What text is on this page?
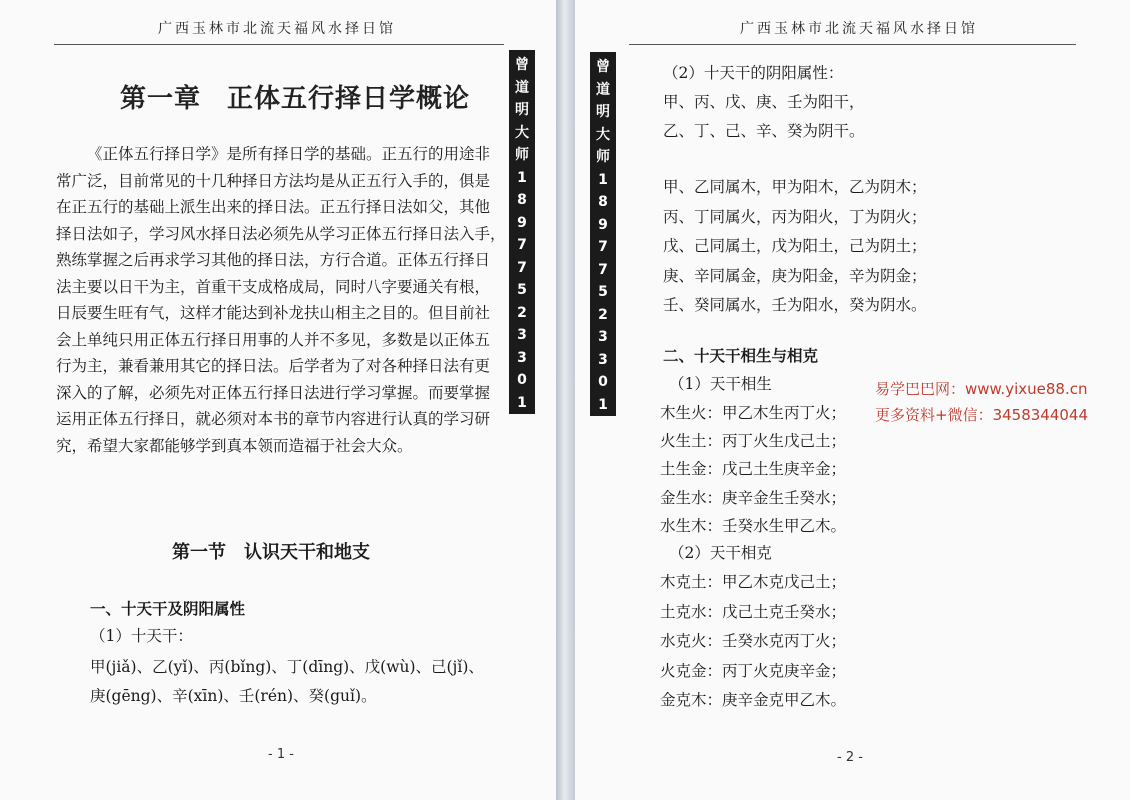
广西玉林市北流天福风水择日馆
曾
道
明
大
师
1
8
9
7
7
5
2
3
3
0
1

第一章 正体五行择日学概论
《正体五行择日学》是所有择日学的基础。正五行的用途非
常广泛，目前常见的十几种择日方法均是从正五行入手的，俱是
在正五行的基础上派生出来的择日法。正五行择日法如父，其他
择日法如子，学习风水择日法必须先从学习正体五行择日法入手，
熟练掌握之后再求学习其他的择日法，方行合道。正体五行择日
法主要以日干为主，首重干支成格成局，同时八字要通关有根，
日辰要生旺有气，这样才能达到补龙扶山相主之目的。但目前社
会上单纯只用正体五行择日用事的人并不多见，多数是以正体五
行为主，兼看兼用其它的择日法。后学者为了对各种择日法有更
深入的了解，必须先对正体五行择日法进行学习掌握。而要掌握
运用正体五行择日，就必须对本书的章节内容进行认真的学习研
究，希望大家都能够学到真本领而造福于社会大众。
第一节 认识天干和地支
一、十天干及阴阳属性
（1）十天干：
甲(jiǎ)、乙(yǐ)、丙(bǐng)、丁(dīng)、戊(wù)、己(jǐ)、
庚(gēng)、辛(xīn)、壬(rén)、癸(guǐ)。
- 1 -
广西玉林市北流天福风水择日馆
曾
道
明
大
师
1
8
9
7
7
5
2
3
3
0
1
（2）十天干的阴阳属性：
甲、丙、戊、庚、壬为阳干，
乙、丁、己、辛、癸为阴干。
甲、乙同属木，甲为阳木，乙为阴木；
丙、丁同属火，丙为阳火，丁为阴火；
戊、己同属土，戊为阳土，己为阴土；
庚、辛同属金，庚为阳金，辛为阴金；
壬、癸同属水，壬为阳水，癸为阴水。
二、十天干相生与相克
（1）天干相生
木生火：甲乙木生丙丁火；
火生土：丙丁火生戊己土；
土生金：戊己土生庚辛金；
金生水：庚辛金生壬癸水；
水生木：壬癸水生甲乙木。
（2）天干相克
木克土：甲乙木克戊己土；
土克水：戊己土克壬癸水；
水克火：壬癸水克丙丁火；
火克金：丙丁火克庚辛金；
金克木：庚辛金克甲乙木。
- 2 -
易学巴巴网：www.yixue88.cn
更多资料+微信：3458344044
